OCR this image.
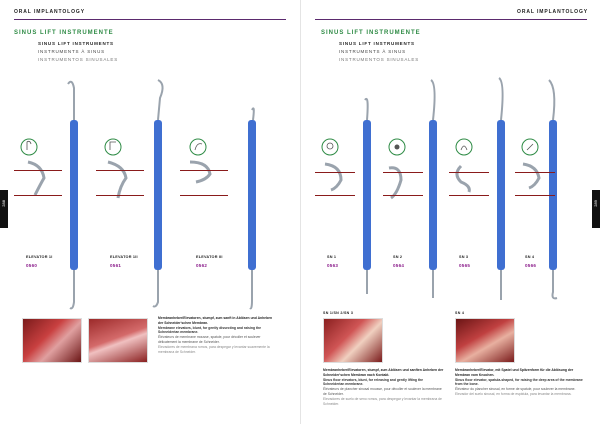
ORAL IMPLANTOLOGY
SINUS LIFT INSTRUMENTE
SINUS LIFT INSTRUMENTS
INSTRUMENTS À SINUS
INSTRUMENTOS SINUSALES
288
ELEVATOR 1I
0560
ELEVATOR 1II
0561
ELEVATOR III
0562
Membranheber/Elevatoren, stumpf, zum sanft in Ablösen und Anheben der Schneider'schen Membran.
Membrane elevators, blunt, for gently dissecting and raising the Schneiderian membrane.
Élévateurs de membrane mousse, spatule, pour décoller et soulever délicatement la membrane de Schneider.
Elevadores de membrana romos, para despegar y levantar suavemente la membrana de Schneider.
ORAL IMPLANTOLOGY
SINUS LIFT INSTRUMENTE
SINUS LIFT INSTRUMENTS
INSTRUMENTS À SINUS
INSTRUMENTOS SINUSALES
289
SN 1
0563
SN 2
0564
SN 3
0565
SN 4
0566
SN 1/SN 2/SN 3	SN 4
Membranheber/Elevatoren, stumpf, zum Ablösen und sanften Anheben der Schneider'schen Membran nach Kontakt.
Sinus floor elevators, blunt, for releasing and gently lifting the Schneiderian membrane.
Élévateurs de plancher sinusal mousse, pour décoller et soulever la membrane de Schneider.
Elevadores de suelo de seno romos, para despegar y levantar la membrana de Schneider.
Membranheber/Elevator, mit Spatel und Spitzenform für die Ablösung der Membran vom Knochen.
Sinus floor elevator, spatula-shaped, for raising the deep area of the membrane from the bone.
Élévateur du plancher sinusal, en forme de spatule, pour soulever la membrane.
Elevador del suelo sinusal, en forma de espátula, para levantar la membrana.
